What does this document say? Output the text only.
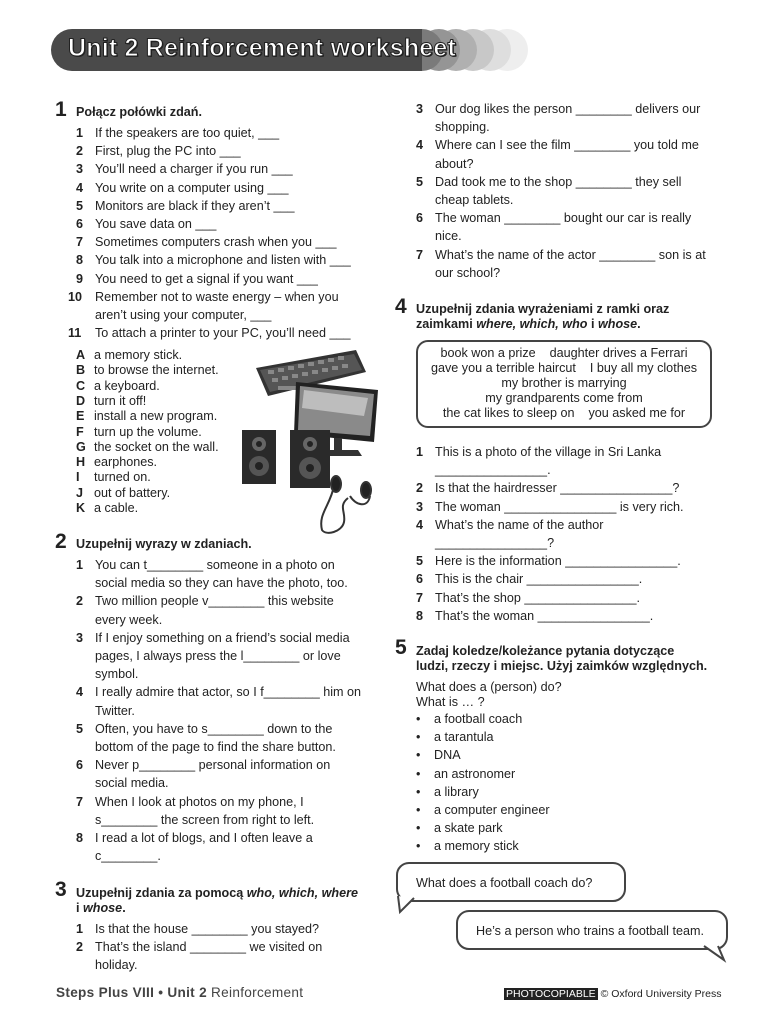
Unit 2 Reinforcement worksheet
1 Połącz połówki zdań.
1 If the speakers are too quiet, ___
2 First, plug the PC into ___
3 You’ll need a charger if you run ___
4 You write on a computer using ___
5 Monitors are black if they aren’t ___
6 You save data on ___
7 Sometimes computers crash when you ___
8 You talk into a microphone and listen with ___
9 You need to get a signal if you want ___
10 Remember not to waste energy – when you
aren’t using your computer, ___
11 To attach a printer to your PC, you’ll need ___
A a memory stick.
B to browse the internet.
C a keyboard.
D turn it off!
E install a new program.
F turn up the volume.
G the socket on the wall.
H earphones.
I turned on.
J out of battery.
K a cable.
2 Uzupełnij wyrazy w zdaniach.
1 You can t________ someone in a photo on
social media so they can have the photo, too.
2 Two million people v________ this website
every week.
3 If I enjoy something on a friend’s social media
pages, I always press the l________ or love
symbol.
4 I really admire that actor, so I f________ him on
Twitter.
5 Often, you have to s________ down to the
bottom of the page to find the share button.
6 Never p________ personal information on
social media.
7 When I look at photos on my phone, I
s________ the screen from right to left.
8 I read a lot of blogs, and I often leave a
c________.
3 Uzupełnij zdania za pomocą who, which, where
i whose.
1 Is that the house ________ you stayed?
2 That’s the island ________ we visited on
holiday.
3 Our dog likes the person ________ delivers our
shopping.
4 Where can I see the film ________ you told me
about?
5 Dad took me to the shop ________ they sell
cheap tablets.
6 The woman ________ bought our car is really
nice.
7 What’s the name of the actor ________ son is at
our school?
4 Uzupełnij zdania wyrażeniami z ramki oraz
zaimkami where, which, who i whose.
book won a prize    daughter drives a Ferrari
gave you a terrible haircut    I buy all my clothes
my brother is marrying
my grandparents come from
the cat likes to sleep on    you asked me for
1 This is a photo of the village in Sri Lanka
________________.
2 Is that the hairdresser ________________?
3 The woman ________________ is very rich.
4 What’s the name of the author
________________?
5 Here is the information ________________.
6 This is the chair ________________.
7 That’s the shop ________________.
8 That’s the woman ________________.
5 Zadaj koledze/koleżance pytania dotyczące
ludzi, rzeczy i miejsc. Użyj zaimków względnych.
What does a (person) do?
What is … ?
• a football coach
• a tarantula
• DNA
• an astronomer
• a library
• a computer engineer
• a skate park
• a memory stick
What does a football coach do?
He’s a person who trains a football team.
Steps Plus VIII • Unit 2 Reinforcement	PHOTOCOPIABLE © Oxford University Press
